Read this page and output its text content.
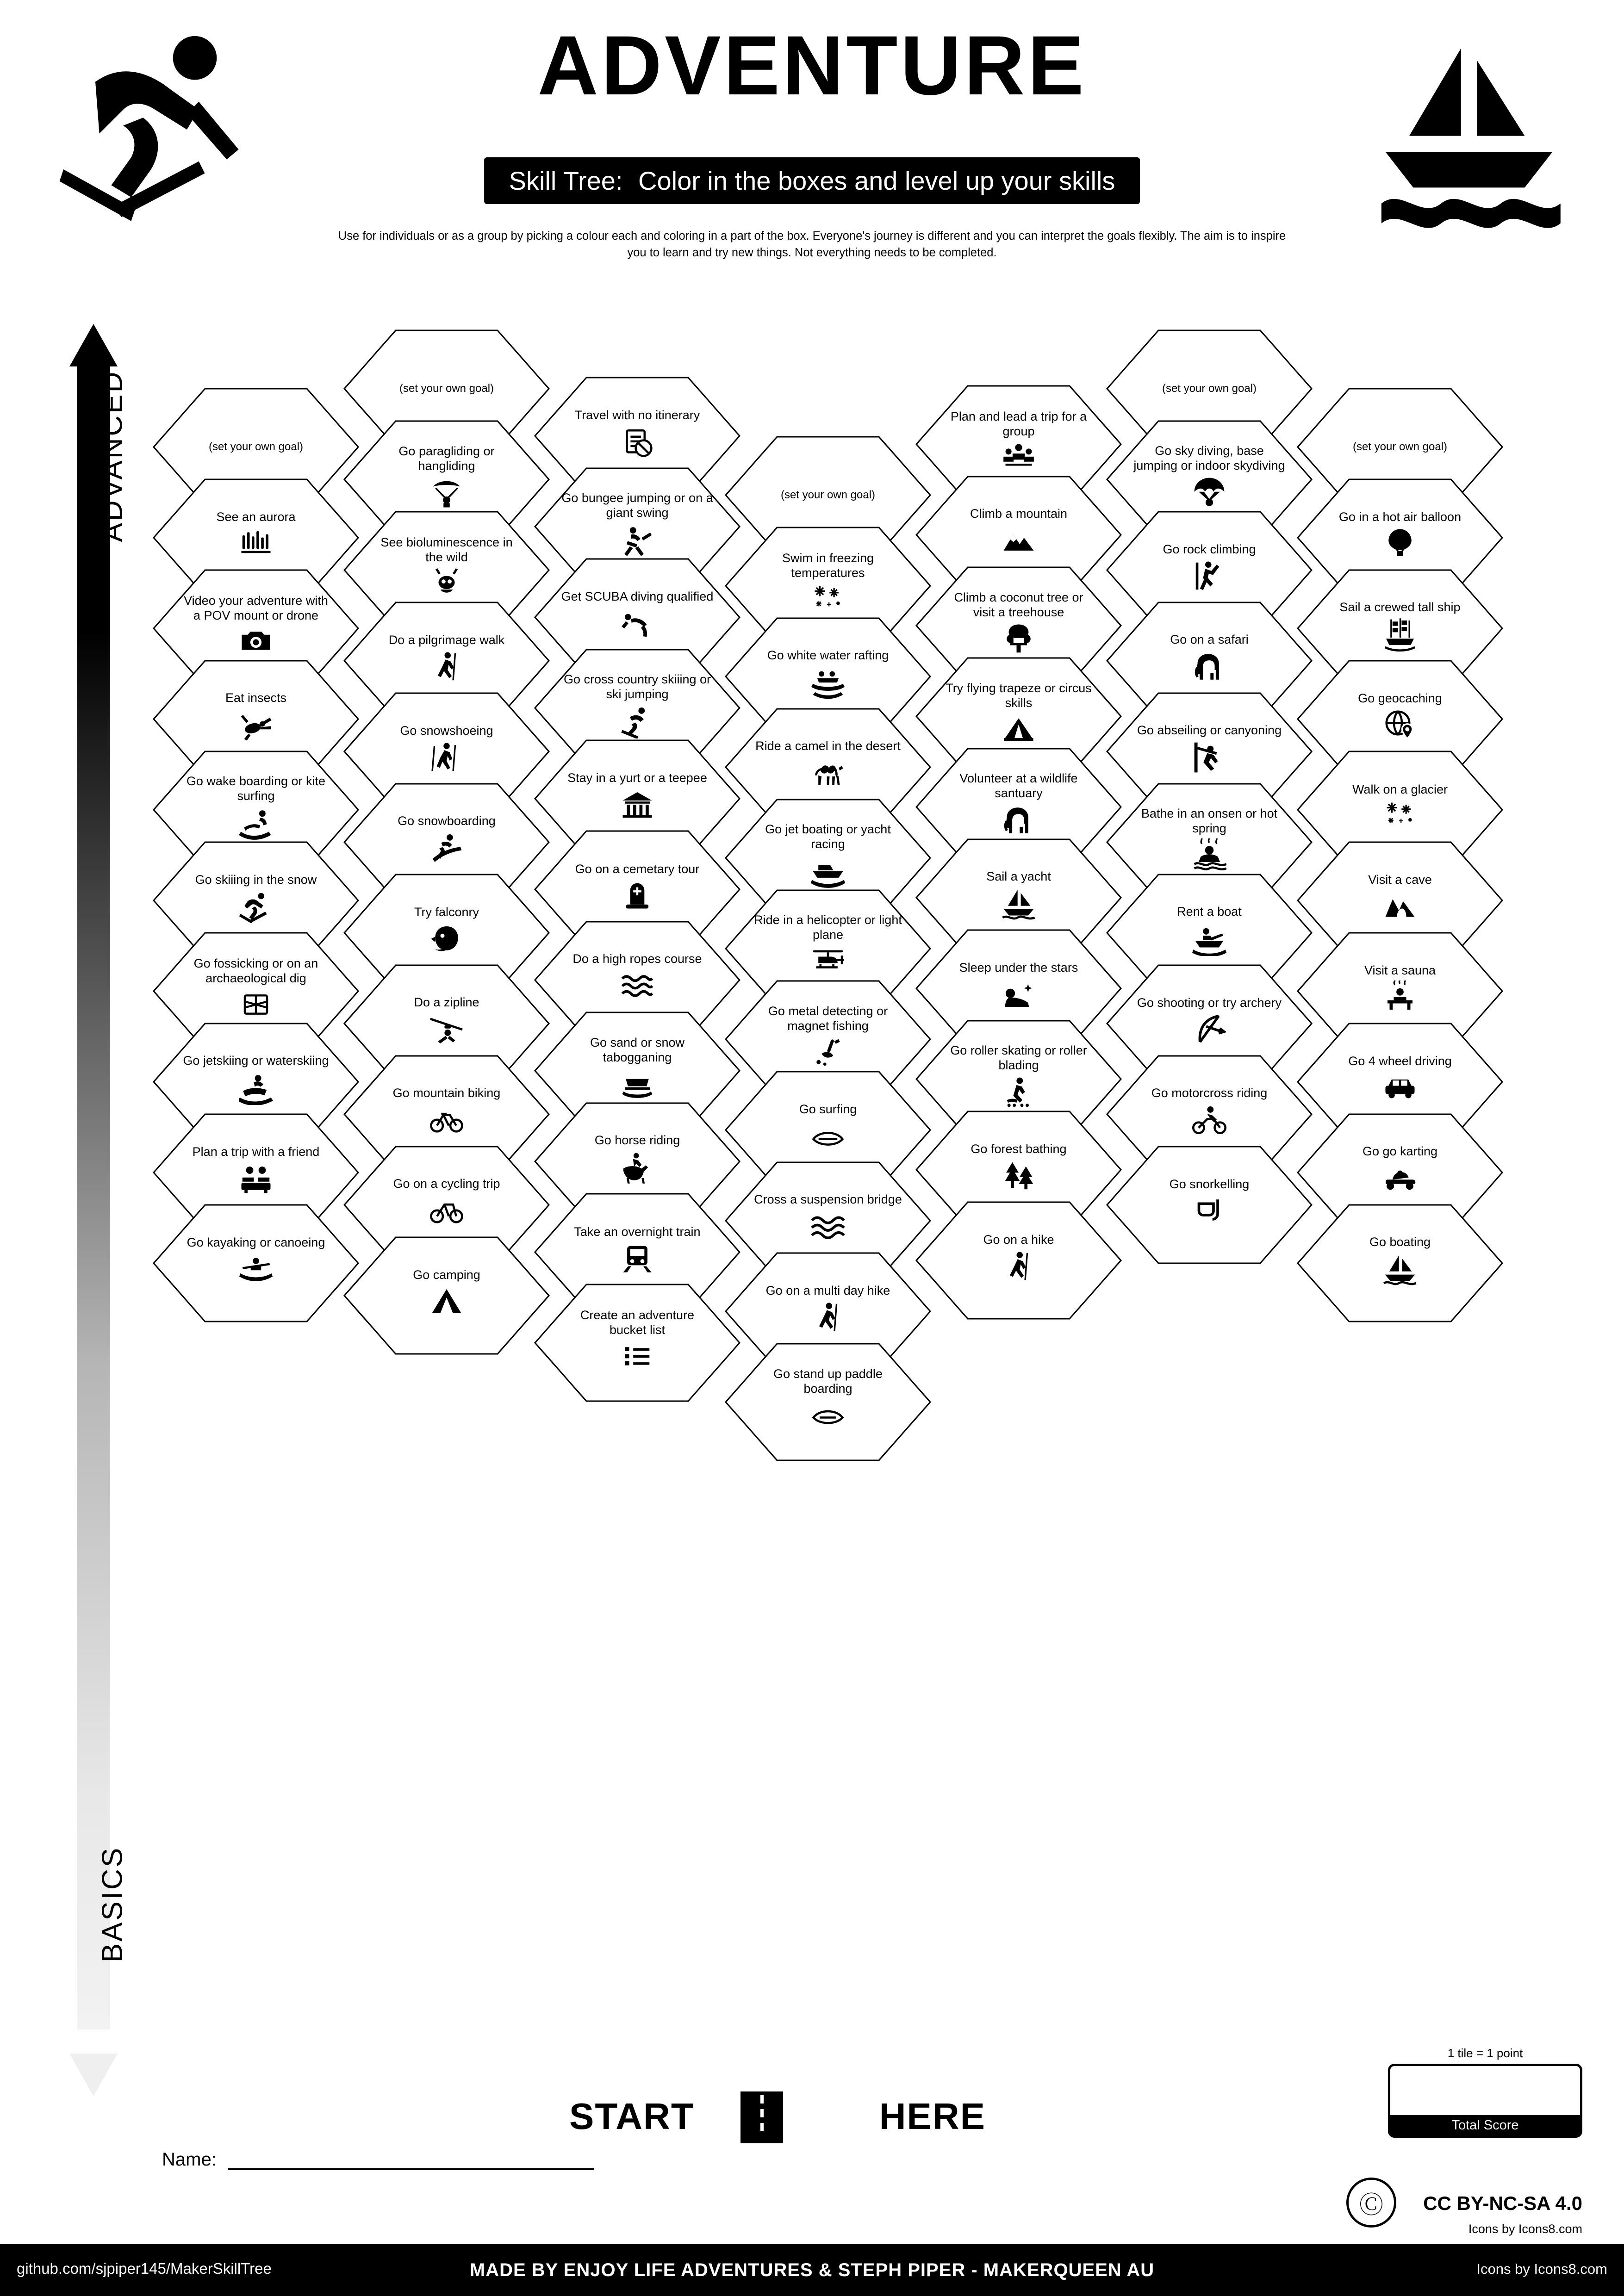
ADVENTURE
Skill Tree: Color in the boxes and level up your skills
Use for individuals or as a group by picking a colour each and coloring in a part of the box. Everyone's journey is different and you can interpret the goals flexibly. The aim is to inspire you to learn and try new things. Not everything needs to be completed.
ADVANCED
BASICS
(set your own goal)
See an aurora
Video your adventure with a POV mount or drone
Eat insects
Go wake boarding or kite surfing
Go skiiing in the snow
Go fossicking or on an archaeological dig
Go jetskiing or waterskiing
Plan a trip with a friend
Go kayaking or canoeing
(set your own goal)
Go paragliding or hangliding
See bioluminescence in the wild
Do a pilgrimage walk
Go snowshoeing
Go snowboarding
Try falconry
Do a zipline
Go mountain biking
Go on a cycling trip
Go camping
Travel with no itinerary
Go bungee jumping or on a giant swing
Get SCUBA diving qualified
Go cross country skiiing or ski jumping
Stay in a yurt or a teepee
Go on a cemetary tour
Do a high ropes course
Go sand or snow tabogganing
Go horse riding
Take an overnight train
Create an adventure bucket list
(set your own goal)
Swim in freezing temperatures
Go white water rafting
Ride a camel in the desert
Go jet boating or yacht racing
Ride in a helicopter or light plane
Go metal detecting or magnet fishing
Go surfing
Cross a suspension bridge
Go on a multi day hike
Go stand up paddle boarding
Plan and lead a trip for a group
Climb a mountain
Climb a coconut tree or visit a treehouse
Try flying trapeze or circus skills
Volunteer at a wildlife santuary
Sail a yacht
Sleep under the stars
Go roller skating or roller blading
Go forest bathing
Go on a hike
(set your own goal)
Go sky diving, base jumping or indoor skydiving
Go rock climbing
Go on a safari
Go abseiling or canyoning
Bathe in an onsen or hot spring
Rent a boat
Go shooting or try archery
Go motorcross riding
Go snorkelling
(set your own goal)
Go in a hot air balloon
Sail a crewed tall ship
Go geocaching
Walk on a glacier
Visit a cave
Visit a sauna
Go 4 wheel driving
Go go karting
Go boating
START	HERE
1 tile = 1 point
Total Score
Name:
Ⓒ	CC BY-NC-SA 4.0
Icons by Icons8.com
github.com/sjpiper145/MakerSkillTree	MADE BY ENJOY LIFE ADVENTURES & STEPH PIPER - MAKERQUEEN AU	Icons by Icons8.com
